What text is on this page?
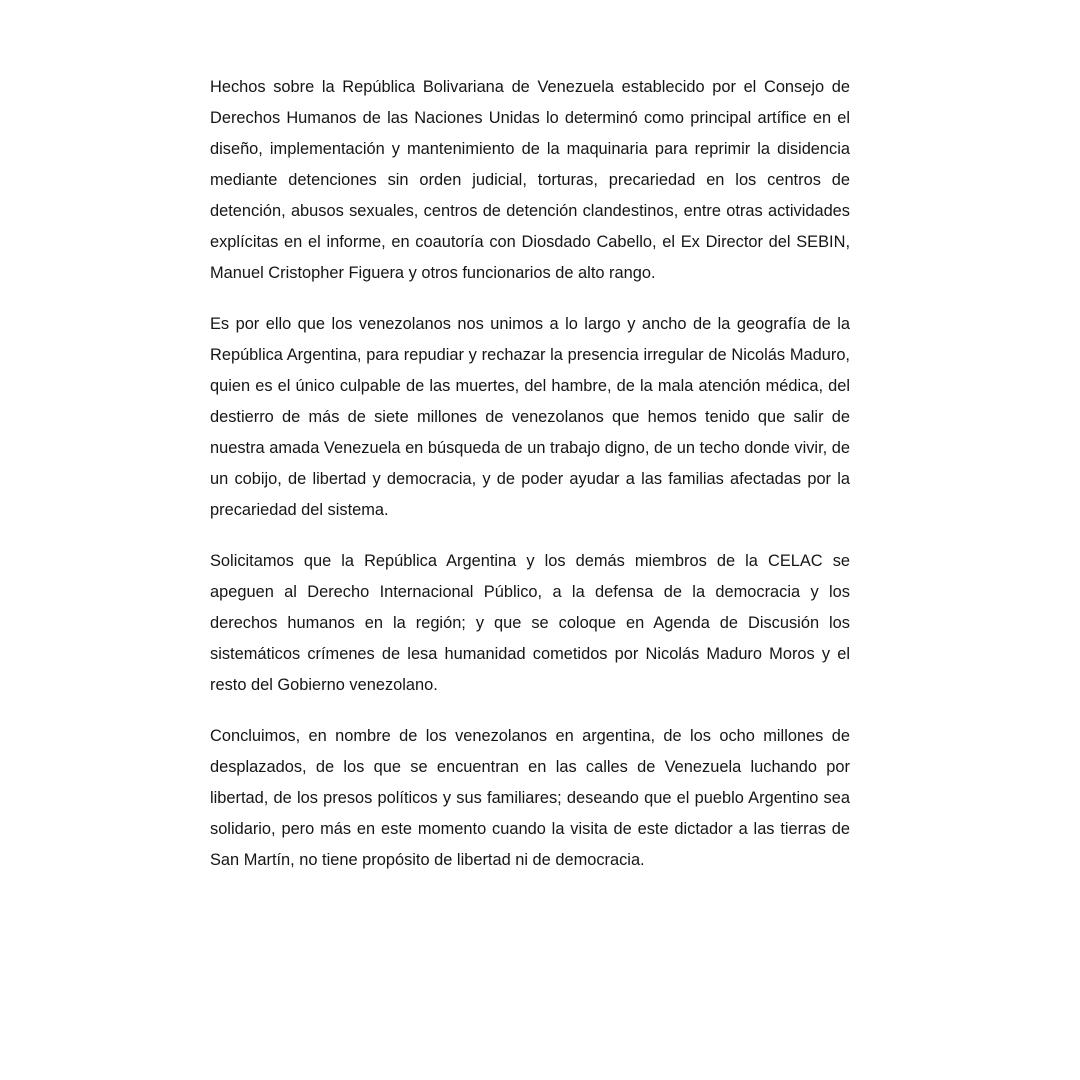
Hechos sobre la República Bolivariana de Venezuela establecido por el Consejo de Derechos Humanos de las Naciones Unidas lo determinó como principal artífice en el diseño, implementación y mantenimiento de la maquinaria para reprimir la disidencia mediante detenciones sin orden judicial, torturas, precariedad en los centros de detención, abusos sexuales, centros de detención clandestinos, entre otras actividades explícitas en el informe, en coautoría con Diosdado Cabello, el Ex Director del SEBIN, Manuel Cristopher Figuera y otros funcionarios de alto rango.

Es por ello que los venezolanos nos unimos a lo largo y ancho de la geografía de la República Argentina, para repudiar y rechazar la presencia irregular de Nicolás Maduro, quien es el único culpable de las muertes, del hambre, de la mala atención médica, del destierro de más de siete millones de venezolanos que hemos tenido que salir de nuestra amada Venezuela en búsqueda de un trabajo digno, de un techo donde vivir, de un cobijo, de libertad y democracia, y de poder ayudar a las familias afectadas por la precariedad del sistema.

Solicitamos que la República Argentina y los demás miembros de la CELAC se apeguen al Derecho Internacional Público, a la defensa de la democracia y los derechos humanos en la región; y que se coloque en Agenda de Discusión los sistemáticos crímenes de lesa humanidad cometidos por Nicolás Maduro Moros y el resto del Gobierno venezolano.

Concluimos, en nombre de los venezolanos en argentina, de los ocho millones de desplazados, de los que se encuentran en las calles de Venezuela luchando por libertad, de los presos políticos y sus familiares; deseando que el pueblo Argentino sea solidario, pero más en este momento cuando la visita de este dictador a las tierras de San Martín, no tiene propósito de libertad ni de democracia.
